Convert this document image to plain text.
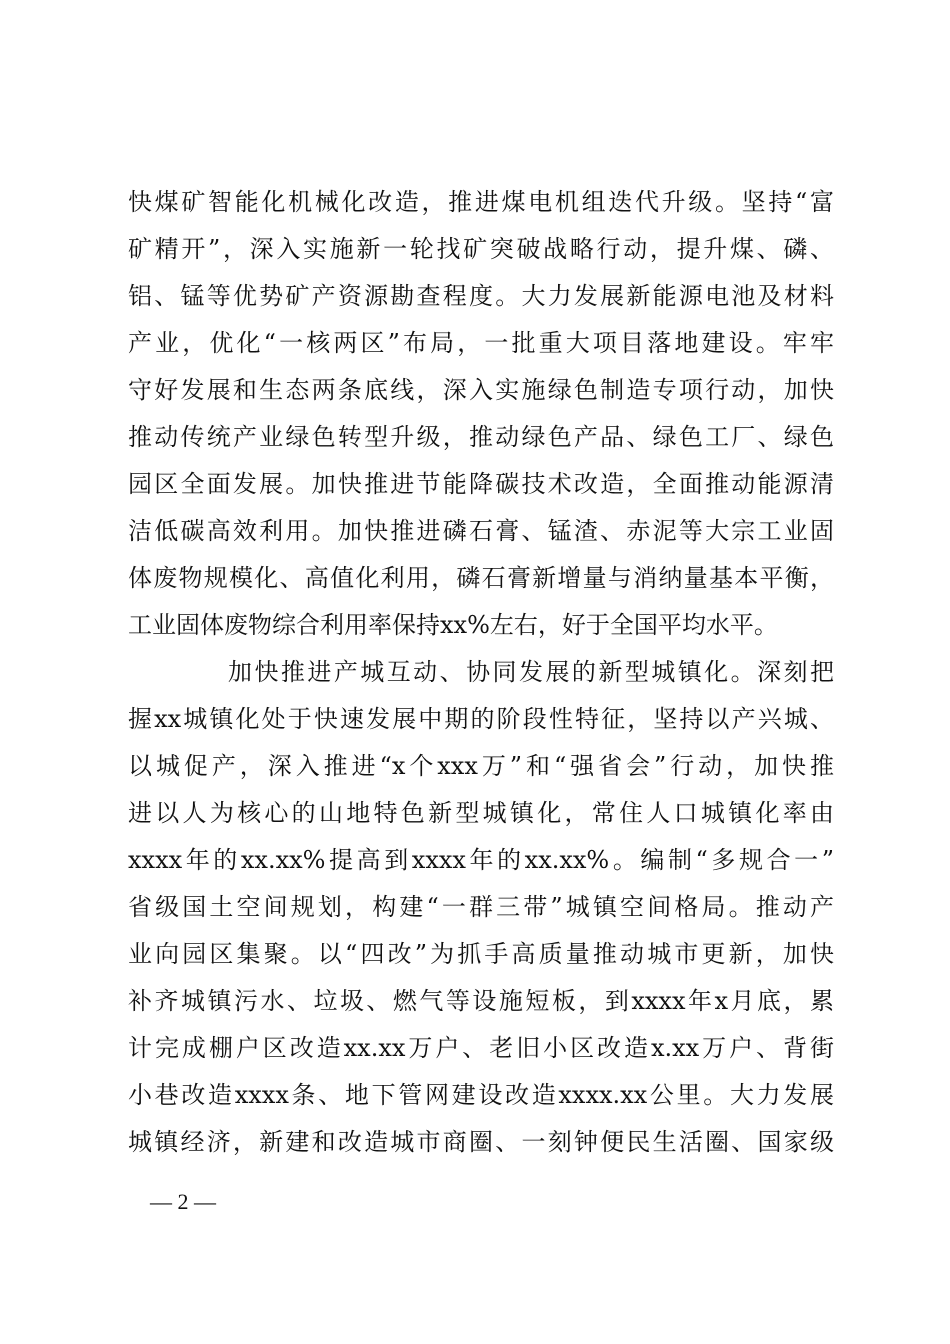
快煤矿智能化机械化改造，推进煤电机组迭代升级。坚持“富
矿精开”，深入实施新一轮找矿突破战略行动，提升煤、磷、
铝、锰等优势矿产资源勘查程度。大力发展新能源电池及材料
产业，优化“一核两区”布局，一批重大项目落地建设。牢牢
守好发展和生态两条底线，深入实施绿色制造专项行动，加快
推动传统产业绿色转型升级，推动绿色产品、绿色工厂、绿色
园区全面发展。加快推进节能降碳技术改造，全面推动能源清
洁低碳高效利用。加快推进磷石膏、锰渣、赤泥等大宗工业固
体废物规模化、高值化利用，磷石膏新增量与消纳量基本平衡，
工业固体废物综合利用率保持xx%左右，好于全国平均水平。
加快推进产城互动、协同发展的新型城镇化。深刻把
握xx城镇化处于快速发展中期的阶段性特征，坚持以产兴城、
以城促产，深入推进“x个xxx万”和“强省会”行动，加快推
进以人为核心的山地特色新型城镇化，常住人口城镇化率由
xxxx年的xx.xx%提高到xxxx年的xx.xx%。编制“多规合一”
省级国土空间规划，构建“一群三带”城镇空间格局。推动产
业向园区集聚。以“四改”为抓手高质量推动城市更新，加快
补齐城镇污水、垃圾、燃气等设施短板，到xxxx年x月底，累
计完成棚户区改造xx.xx万户、老旧小区改造x.xx万户、背街
小巷改造xxxx条、地下管网建设改造xxxx.xx公里。大力发展
城镇经济，新建和改造城市商圈、一刻钟便民生活圈、国家级
— 2 —
